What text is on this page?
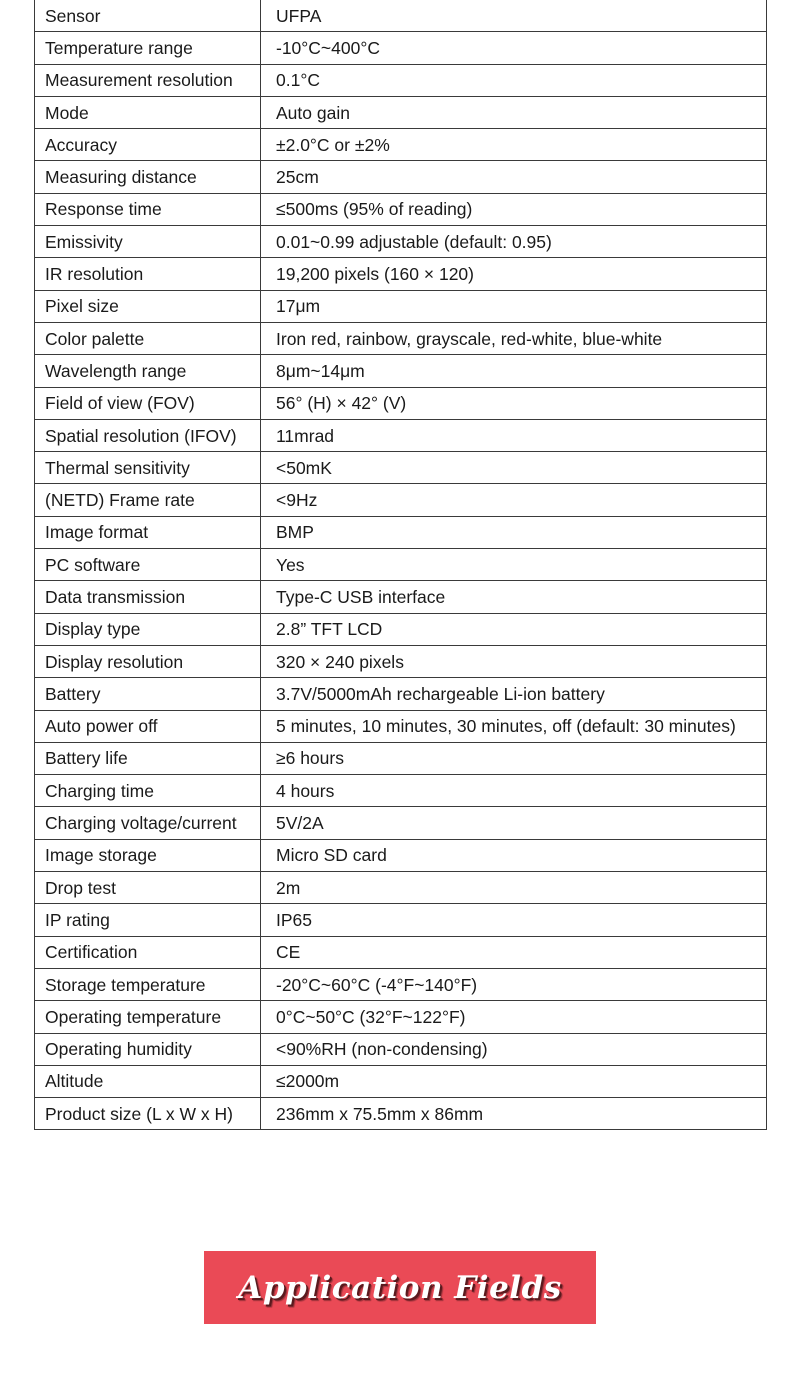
Sensor	UFPA
Temperature range	-10°C~400°C
Measurement resolution	0.1°C
Mode	Auto gain
Accuracy	±2.0°C or ±2%
Measuring distance	25cm
Response time	≤500ms (95% of reading)
Emissivity	0.01~0.99 adjustable (default: 0.95)
IR resolution	19,200 pixels (160 × 120)
Pixel size	17μm
Color palette	Iron red, rainbow, grayscale, red-white, blue-white
Wavelength range	8μm~14μm
Field of view (FOV)	56° (H) × 42° (V)
Spatial resolution (IFOV)	11mrad
Thermal sensitivity	<50mK
(NETD) Frame rate	<9Hz
Image format	BMP
PC software	Yes
Data transmission	Type-C USB interface
Display type	2.8” TFT LCD
Display resolution	320 × 240 pixels
Battery	3.7V/5000mAh rechargeable Li-ion battery
Auto power off	5 minutes, 10 minutes, 30 minutes, off (default: 30 minutes)
Battery life	≥6 hours
Charging time	4 hours
Charging voltage/current	5V/2A
Image storage	Micro SD card
Drop test	2m
IP rating	IP65
Certification	CE
Storage temperature	-20°C~60°C (-4°F~140°F)
Operating temperature	0°C~50°C (32°F~122°F)
Operating humidity	<90%RH (non-condensing)
Altitude	≤2000m
Product size (L x W x H)	236mm x 75.5mm x 86mm
Application Fields
